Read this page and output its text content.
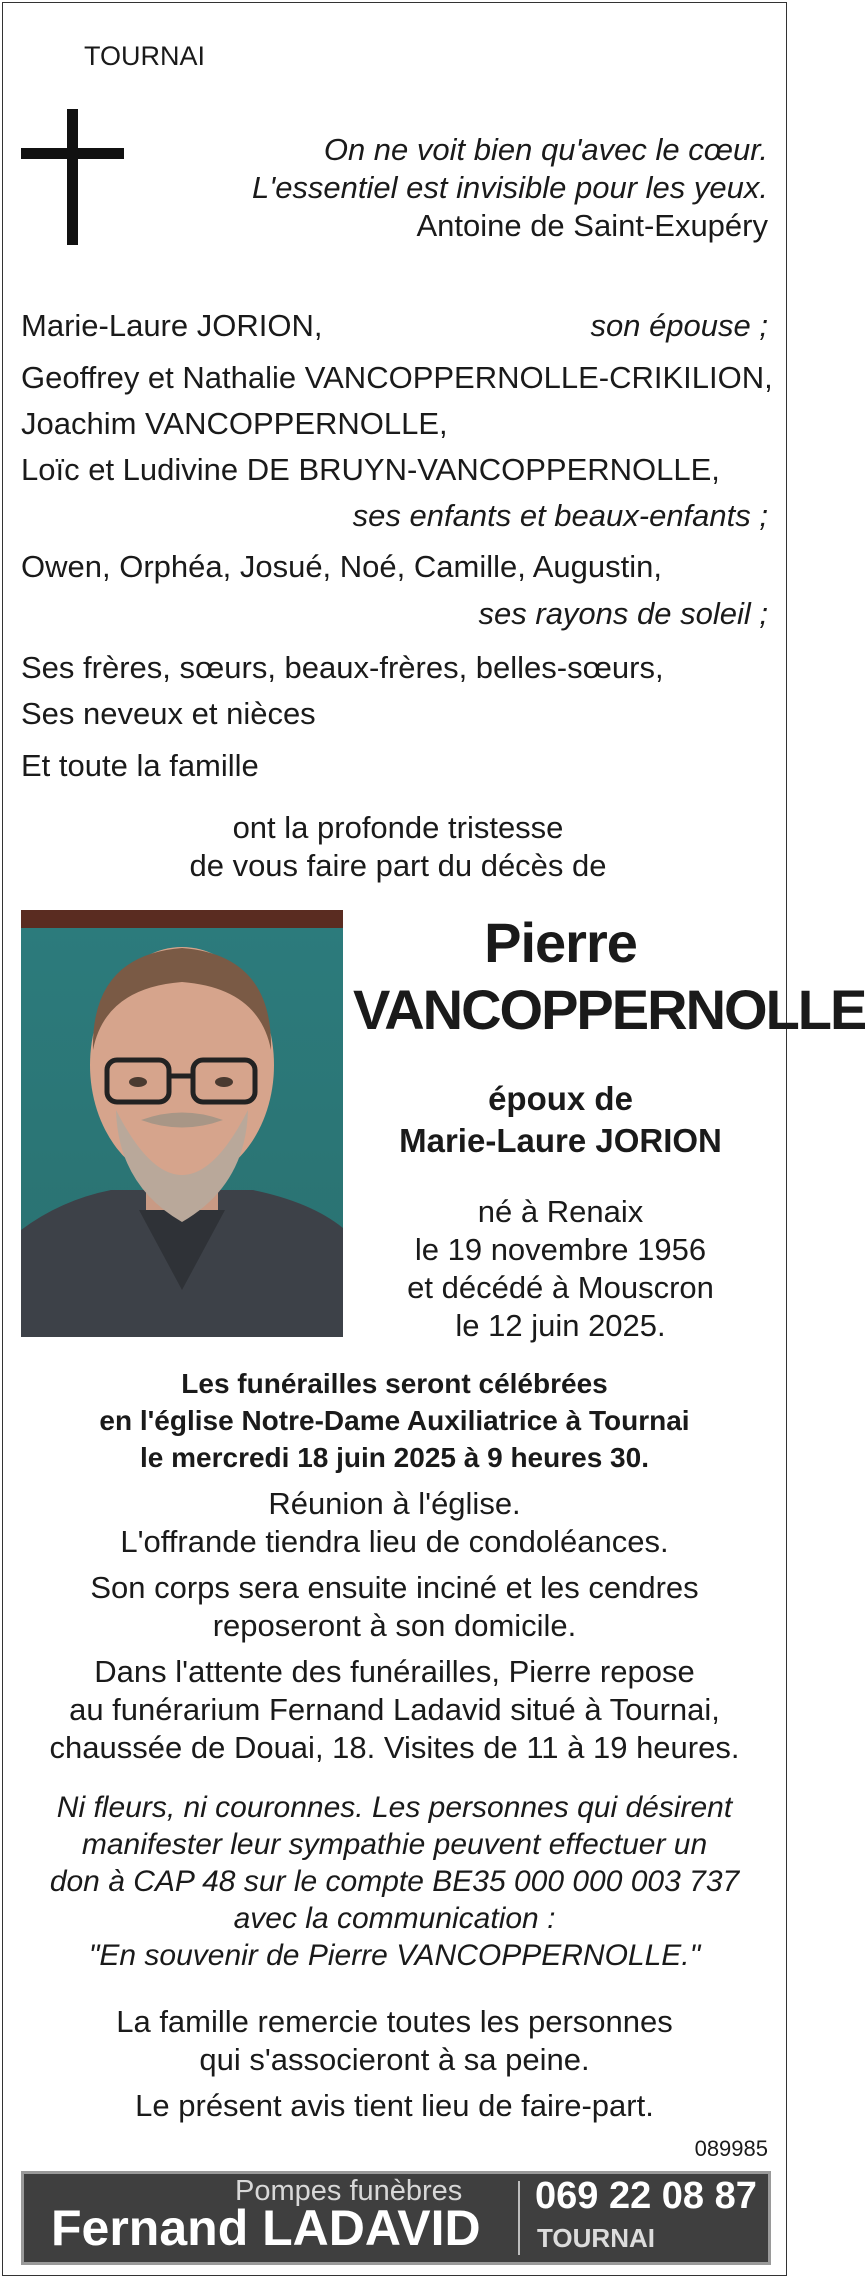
TOURNAI
On ne voit bien qu'avec le cœur.
L'essentiel est invisible pour les yeux.
Antoine de Saint-Exupéry
Marie-Laure JORION,	son épouse ;
Geoffrey et Nathalie VANCOPPERNOLLE-CRIKILION,
Joachim VANCOPPERNOLLE,
Loïc et Ludivine DE BRUYN-VANCOPPERNOLLE,
ses enfants et beaux-enfants ;
Owen, Orphéa, Josué, Noé, Camille, Augustin,
ses rayons de soleil ;
Ses frères, sœurs, beaux-frères, belles-sœurs,
Ses neveux et nièces
Et toute la famille
ont la profonde tristesse
de vous faire part du décès de
Pierre
VANCOPPERNOLLE
époux de
Marie-Laure JORION
né à Renaix
le 19 novembre 1956
et décédé à Mouscron
le 12 juin 2025.
Les funérailles seront célébrées
en l'église Notre-Dame Auxiliatrice à Tournai
le mercredi 18 juin 2025 à 9 heures 30.
Réunion à l'église.
L'offrande tiendra lieu de condoléances.
Son corps sera ensuite inciné et les cendres
reposeront à son domicile.
Dans l'attente des funérailles, Pierre repose
au funérarium Fernand Ladavid situé à Tournai,
chaussée de Douai, 18. Visites de 11 à 19 heures.
Ni fleurs, ni couronnes. Les personnes qui désirent
manifester leur sympathie peuvent effectuer un
don à CAP 48 sur le compte BE35 000 000 003 737
avec la communication :
"En souvenir de Pierre VANCOPPERNOLLE."
La famille remercie toutes les personnes
qui s'associeront à sa peine.
Le présent avis tient lieu de faire-part.
089985
Pompes funèbres
Fernand LADAVID
069 22 08 87
TOURNAI
